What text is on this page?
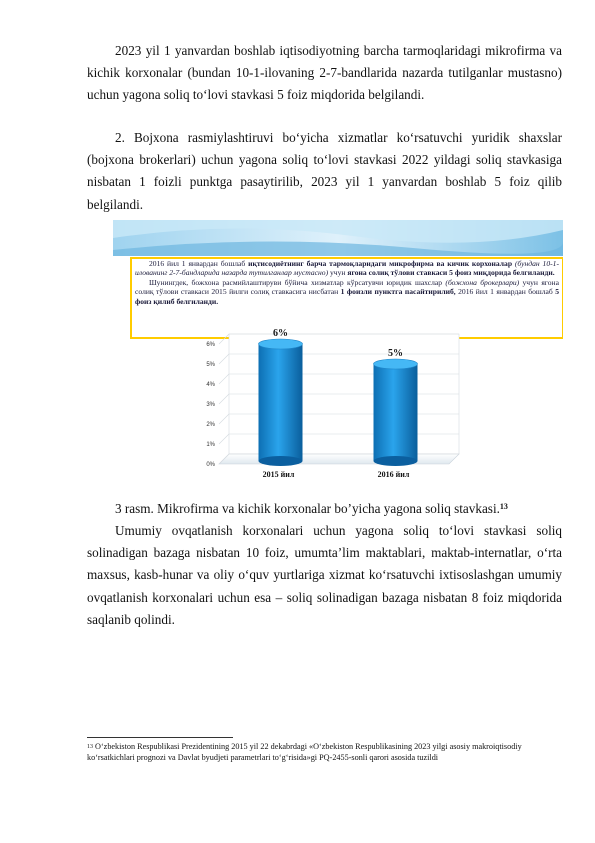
2023 yil 1 yanvardan boshlab iqtisodiyotning barcha tarmoqlaridagi mikrofirma va kichik korxonalar (bundan 10-1-ilovaning 2-7-bandlarida nazarda tutilganlar mustasno) uchun yagona soliq to‘lovi stavkasi 5 foiz miqdorida belgilandi.

2. Bojxona rasmiylashtiruvi bo‘yicha xizmatlar ko‘rsatuvchi yuridik shaxslar (bojxona brokerlari) uchun yagona soliq to‘lovi stavkasi 2022 yildagi soliq stavkasiga nisbatan 1 foizli punktga pasaytirilib, 2023 yil 1 yanvardan boshlab 5 foiz qilib belgilandi.

2016 йил 1 январдан бошлаб иқтисодиётнинг барча тармоқларидаги микрофирма ва кичик корхоналар (бундан 10-1-илованинг 2-7-бандларида назарда тутилганлар мустасно) учун ягона солиқ тўлови ставкаси 5 фоиз миқдорида белгиланди.
Шунингдек, божхона расмийлаштируви бўйича хизматлар кўрсатувчи юридик шахслар (божхона брокерлари) учун ягона солиқ тўлови ставкаси 2015 йилги солиқ ставкасига нисбатан 1 фоизли пунктга пасайтирилиб, 2016 йил 1 январдан бошлаб 5 фоиз қилиб белгиланди.
0%
1%
2%
3%
4%
5%
6%
6%
2015 йил
5%
2016 йил

3 rasm. Mikrofirma va kichik korxonalar bo’yicha yagona soliq stavkasi.$^{13}$

Umumiy ovqatlanish korxonalari uchun yagona soliq to‘lovi stavkasi soliq solinadigan bazaga nisbatan 10 foiz, umumta’lim maktablari, maktab-internatlar, o‘rta maxsus, kasb-hunar va oliy o‘quv yurtlariga xizmat ko‘rsatuvchi ixtisoslashgan umumiy ovqatlanish korxonalari uchun esa – soliq solinadigan bazaga nisbatan 8 foiz miqdorida saqlanib qolindi.

$^{13}$ O‘zbekiston Respublikasi Prezidentining 2015 yil 22 dekabrdagi «O‘zbekiston Respublikasining 2023 yilgi asosiy makroiqtisodiy ko‘rsatkichlari prognozi va Davlat byudjeti parametrlari to‘g‘risida»gi PQ-2455-sonli qarori asosida tuzildi
